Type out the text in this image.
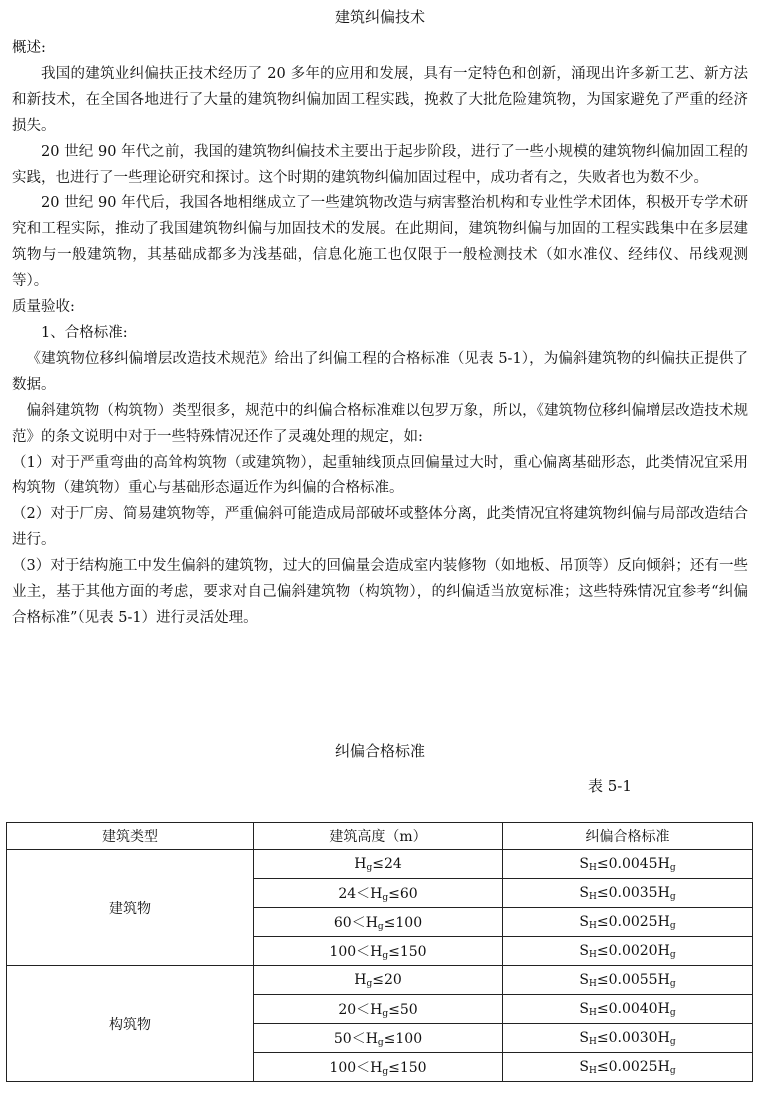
建筑纠偏技术

概述:

我国的建筑业纠偏扶正技术经历了 20 多年的应用和发展，具有一定特色和创新，涌现出许多新工艺、新方法和新技术，在全国各地进行了大量的建筑物纠偏加固工程实践，挽救了大批危险建筑物，为国家避免了严重的经济损失。

20 世纪 90 年代之前，我国的建筑物纠偏技术主要出于起步阶段，进行了一些小规模的建筑物纠偏加固工程的实践，也进行了一些理论研究和探讨。这个时期的建筑物纠偏加固过程中，成功者有之，失败者也为数不少。

20 世纪 90 年代后，我国各地相继成立了一些建筑物改造与病害整治机构和专业性学术团体，积极开专学术研究和工程实际，推动了我国建筑物纠偏与加固技术的发展。在此期间，建筑物纠偏与加固的工程实践集中在多层建筑物与一般建筑物，其基础成都多为浅基础，信息化施工也仅限于一般检测技术（如水准仪、经纬仪、吊线观测等）。

质量验收:

1、合格标准:

《建筑物位移纠偏增层改造技术规范》给出了纠偏工程的合格标准（见表 5-1），为偏斜建筑物的纠偏扶正提供了数据。

偏斜建筑物（构筑物）类型很多，规范中的纠偏合格标准难以包罗万象，所以，《建筑物位移纠偏增层改造技术规范》的条文说明中对于一些特殊情况还作了灵魂处理的规定，如:

（1）对于严重弯曲的高耸构筑物（或建筑物），起重轴线顶点回偏量过大时，重心偏离基础形态，此类情况宜采用构筑物（建筑物）重心与基础形态逼近作为纠偏的合格标准。

（2）对于厂房、简易建筑物等，严重偏斜可能造成局部破坏或整体分离，此类情况宜将建筑物纠偏与局部改造结合进行。

（3）对于结构施工中发生偏斜的建筑物，过大的回偏量会造成室内装修物（如地板、吊顶等）反向倾斜；还有一些业主，基于其他方面的考虑，要求对自己偏斜建筑物（构筑物），的纠偏适当放宽标准；这些特殊情况宜参考“纠偏合格标准”（见表 5-1）进行灵活处理。

纠偏合格标准
表 5-1
建筑类型	建筑高度（m）	纠偏合格标准
建筑物	$H_g\le 24$	$S_H\le 0.0045H_g$
	$24<H_g\le 60$	$S_H\le 0.0035H_g$
	$60<H_g\le 100$	$S_H\le 0.0025H_g$
	$100<H_g\le 150$	$S_H\le 0.0020H_g$
构筑物	$H_g\le 20$	$S_H\le 0.0055H_g$
	$20<H_g\le 50$	$S_H\le 0.0040H_g$
	$50<H_g\le 100$	$S_H\le 0.0030H_g$
	$100<H_g\le 150$	$S_H\le 0.0025H_g$
